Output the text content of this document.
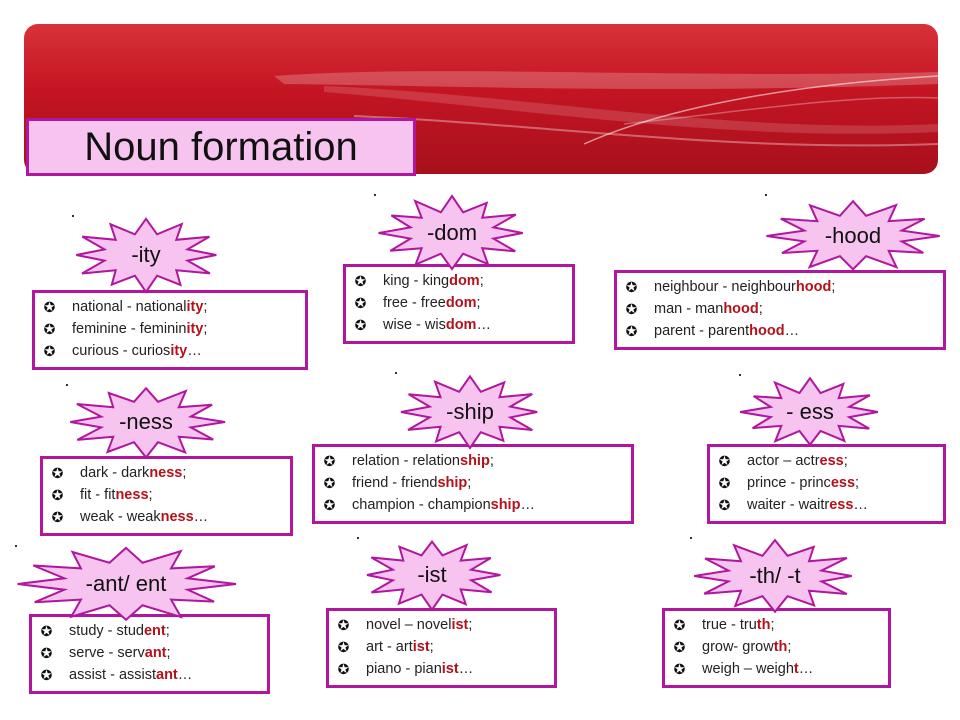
Noun formation
✪ national - national ity ;
✪ feminine - feminin ity ;
✪ curious - curios ity …
-ity
✪ king - king dom ;
✪ free - free dom ;
✪ wise - wis dom …
-dom
✪ neighbour - neighbour hood ;
✪ man - man hood ;
✪ parent - parent hood …
-hood
✪ dark - dark ness ;
✪ fit - fit ness ;
✪ weak - weak ness …
-ness
✪ relation - relation ship ;
✪ friend - friend ship ;
✪ champion - champion ship …
-ship
✪ actor – actr ess ;
✪ prince - princ ess ;
✪ waiter - waitr ess …
- ess
✪ study - stud ent ;
✪ serve - serv ant ;
✪ assist - assist ant …
-ant/ ent
✪ novel – novel ist ;
✪ art - art ist ;
✪ piano - pian ist …
-ist
✪ true - tru th ;
✪ grow- grow th ;
✪ weigh – weigh t …
-th/ -t
